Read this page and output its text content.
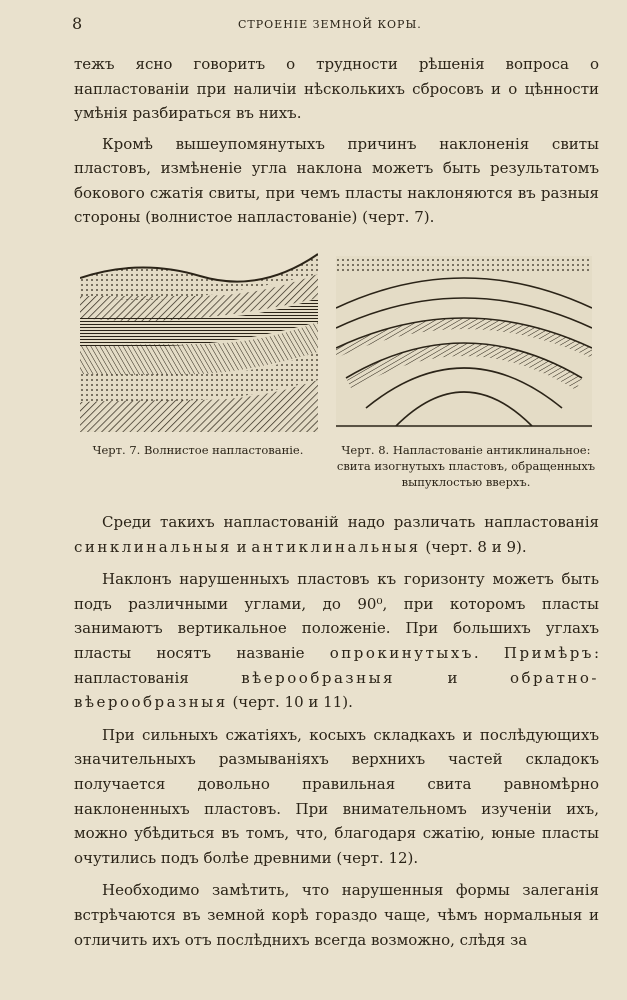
8	СТРОЕНІЕ ЗЕМНОЙ КОРЫ.

тежъ ясно говоритъ о трудности рѣшенія вопроса о напластованіи при наличіи нѣсколькихъ сбросовъ и о цѣнности умѣнія разбираться въ нихъ.

Кромѣ вышеупомянутыхъ причинъ наклоненія свиты пластовъ, измѣненіе угла наклона можетъ быть результатомъ бокового сжатія свиты, при чемъ пласты наклоняются въ разныя стороны (волнистое напластованіе) (черт. 7).

Черт. 7. Волнистое напластованіе.	Черт. 8. Напластованіе антиклинальное: свита изогнутыхъ пластовъ, обращенныхъ выпуклостью вверхъ.

Среди такихъ напластованій надо различать напластованія синклинальныя и антиклинальныя (черт. 8 и 9).

Наклонъ нарушенныхъ пластовъ къ горизонту можетъ быть подъ различными углами, до 90⁰, при которомъ пласты занимаютъ вертикальное положеніе. При большихъ углахъ пласты носятъ названіе опрокинутыхъ. Примѣръ: напластованія вѣерообразныя и обратно-вѣерообразныя (черт. 10 и 11).

При сильныхъ сжатіяхъ, косыхъ складкахъ и послѣдующихъ значительныхъ размываніяхъ верхнихъ частей складокъ получается довольно правильная свита равномѣрно наклоненныхъ пластовъ. При внимательномъ изученіи ихъ, можно убѣдиться въ томъ, что, благодаря сжатію, юные пласты очутились подъ болѣе древними (черт. 12).

Необходимо замѣтить, что нарушенныя формы залеганія встрѣчаются въ земной корѣ гораздо чаще, чѣмъ нормальныя и отличить ихъ отъ послѣднихъ всегда возможно, слѣдя за
